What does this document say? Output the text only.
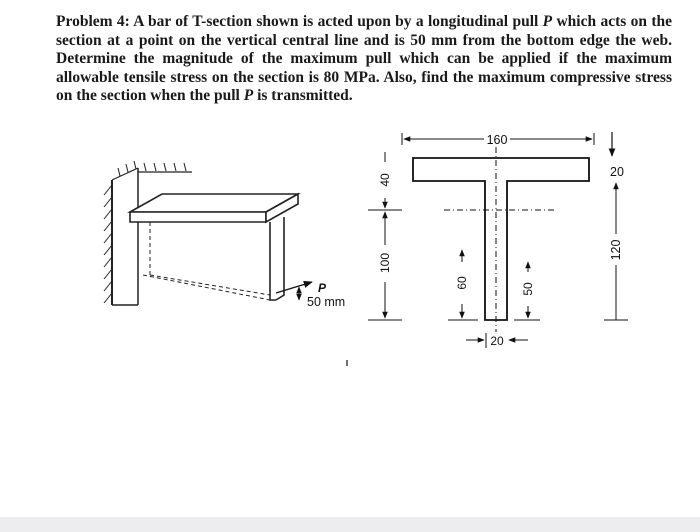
Problem 4: A bar of T-section shown is acted upon by a longitudinal pull P which acts on the section at a point on the vertical central line and is 50 mm from the bottom edge the web. Determine the magnitude of the maximum pull which can be applied if the maximum allowable tensile stress on the section is 80 MPa. Also, find the maximum compressive stress on the section when the pull P is transmitted.
P
50 mm
160
20
120
40
100
60	50
20
